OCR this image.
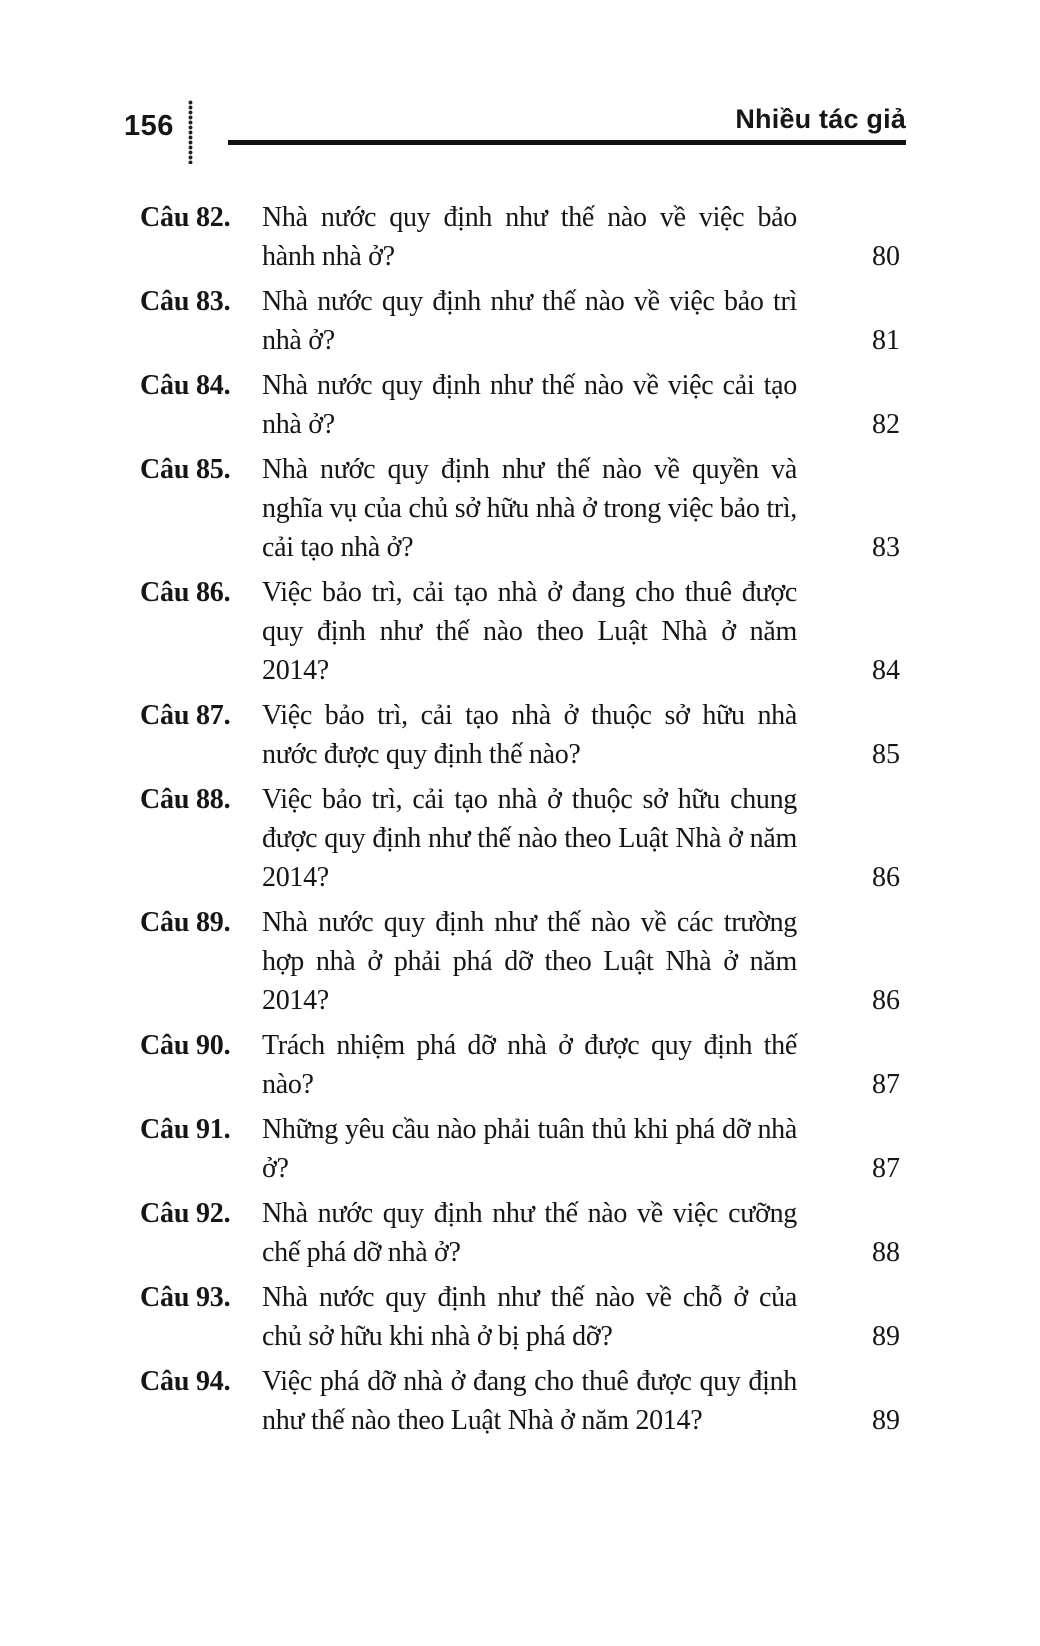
156	Nhiều tác giả
Câu 82.	Nhà nước quy định như thế nào về việc bảo hành nhà ở?	80
Câu 83.	Nhà nước quy định như thế nào về việc bảo trì nhà ở?	81
Câu 84.	Nhà nước quy định như thế nào về việc cải tạo nhà ở?	82
Câu 85.	Nhà nước quy định như thế nào về quyền và nghĩa vụ của chủ sở hữu nhà ở trong việc bảo trì, cải tạo nhà ở?	83
Câu 86.	Việc bảo trì, cải tạo nhà ở đang cho thuê được quy định như thế nào theo Luật Nhà ở năm 2014?	84
Câu 87.	Việc bảo trì, cải tạo nhà ở thuộc sở hữu nhà nước được quy định thế nào?	85
Câu 88.	Việc bảo trì, cải tạo nhà ở thuộc sở hữu chung được quy định như thế nào theo Luật Nhà ở năm 2014?	86
Câu 89.	Nhà nước quy định như thế nào về các trường hợp nhà ở phải phá dỡ theo Luật Nhà ở năm 2014?	86
Câu 90.	Trách nhiệm phá dỡ nhà ở được quy định thế nào?	87
Câu 91.	Những yêu cầu nào phải tuân thủ khi phá dỡ nhà ở?	87
Câu 92.	Nhà nước quy định như thế nào về việc cưỡng chế phá dỡ nhà ở?	88
Câu 93.	Nhà nước quy định như thế nào về chỗ ở của chủ sở hữu khi nhà ở bị phá dỡ?	89
Câu 94.	Việc phá dỡ nhà ở đang cho thuê được quy định như thế nào theo Luật Nhà ở năm 2014?	89
